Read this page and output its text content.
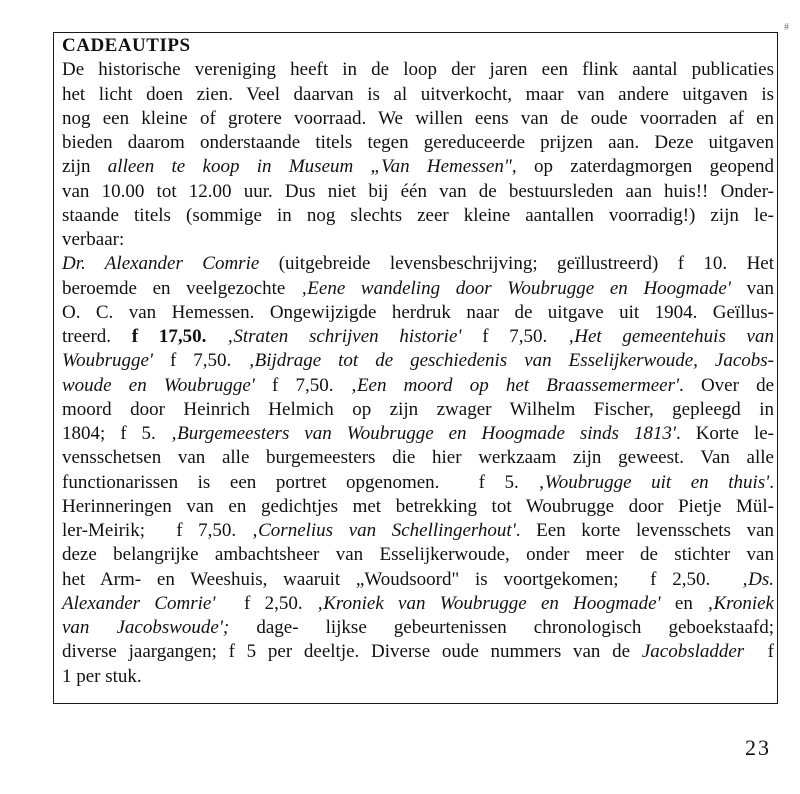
#
CADEAUTIPS
De historische vereniging heeft in de loop der jaren een flink aantal publicaties
het licht doen zien. Veel daarvan is al uitverkocht, maar van andere uitgaven is
nog een kleine of grotere voorraad. We willen eens van de oude voorraden af en
bieden daarom onderstaande titels tegen gereduceerde prijzen aan. Deze uitgaven
zijn alleen te koop in Museum „Van Hemessen", op zaterdagmorgen geopend
van 10.00 tot 12.00 uur. Dus niet bij één van de bestuursleden aan huis!! Onder-
staande titels (sommige in nog slechts zeer kleine aantallen voorradig!) zijn le-
verbaar:
Dr. Alexander Comrie (uitgebreide levensbeschrijving; geïllustreerd) f 10. Het
beroemde en veelgezochte ‚Eene wandeling door Woubrugge en Hoogmade' van
O. C. van Hemessen. Ongewijzigde herdruk naar de uitgave uit 1904. Geïllus-
treerd. f 17,50. ‚Straten schrijven historie' f 7,50. ‚Het gemeentehuis van
Woubrugge' f 7,50. ‚Bijdrage tot de geschiedenis van Esselijkerwoude, Jacobs-
woude en Woubrugge' f 7,50. ‚Een moord op het Braassemermeer'. Over de
moord door Heinrich Helmich op zijn zwager Wilhelm Fischer, gepleegd in
1804; f 5. ‚Burgemeesters van Woubrugge en Hoogmade sinds 1813'. Korte le-
vensschetsen van alle burgemeesters die hier werkzaam zijn geweest. Van alle
functionarissen is een portret opgenomen.  f 5. ‚Woubrugge uit en thuis'.
Herinneringen van en gedichtjes met betrekking tot Woubrugge door Pietje Mül-
ler-Meirik;  f 7,50. ‚Cornelius van Schellingerhout'. Een korte levensschets van
deze belangrijke ambachtsheer van Esselijkerwoude, onder meer de stichter van
het Arm- en Weeshuis, waaruit „Woudsoord" is voortgekomen;  f 2,50.  ‚Ds.
Alexander Comrie'  f 2,50. ‚Kroniek van Woubrugge en Hoogmade' en ‚Kroniek
van Jacobswoude'; dage- lijkse gebeurtenissen chronologisch geboekstaafd;
diverse jaargangen; f 5 per deeltje. Diverse oude nummers van de Jacobsladder  f
1 per stuk.
23
